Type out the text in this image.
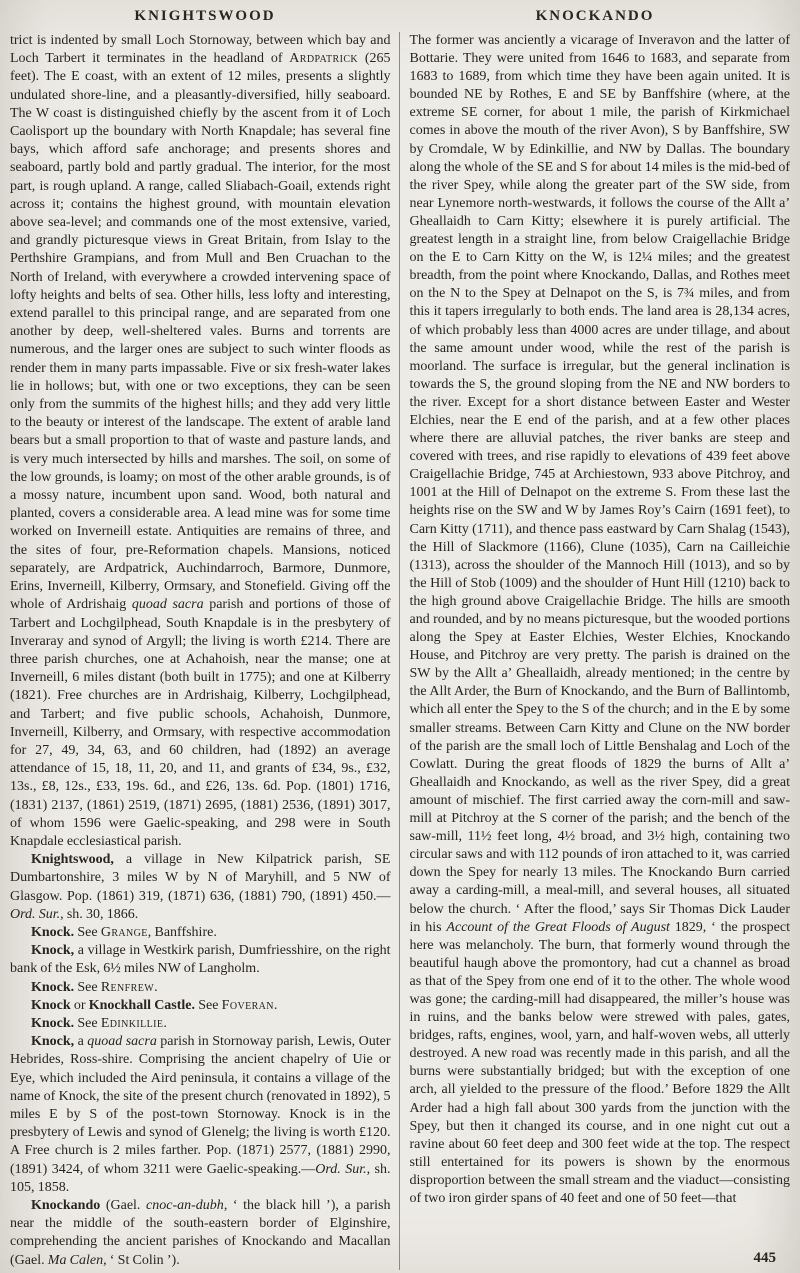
KNIGHTSWOOD	KNOCKANDO

trict is indented by small Loch Stornoway, between which bay and Loch Tarbert it terminates in the headland of Ardpatrick (265 feet). The E coast, with an extent of 12 miles, presents a slightly undulated shore-line, and a pleasantly-diversified, hilly seaboard. The W coast is distinguished chiefly by the ascent from it of Loch Caolisport up the boundary with North Knapdale; has several fine bays, which afford safe anchorage; and presents shores and seaboard, partly bold and partly gradual. The interior, for the most part, is rough upland. A range, called Sliabach-Goail, extends right across it; contains the highest ground, with mountain elevation above sea-level; and commands one of the most extensive, varied, and grandly picturesque views in Great Britain, from Islay to the Perthshire Grampians, and from Mull and Ben Cruachan to the North of Ireland, with everywhere a crowded intervening space of lofty heights and belts of sea. Other hills, less lofty and interesting, extend parallel to this principal range, and are separated from one another by deep, well-sheltered vales. Burns and torrents are numerous, and the larger ones are subject to such winter floods as render them in many parts impassable. Five or six fresh-water lakes lie in hollows; but, with one or two exceptions, they can be seen only from the summits of the highest hills; and they add very little to the beauty or interest of the landscape. The extent of arable land bears but a small proportion to that of waste and pasture lands, and is very much intersected by hills and marshes. The soil, on some of the low grounds, is loamy; on most of the other arable grounds, is of a mossy nature, incumbent upon sand. Wood, both natural and planted, covers a considerable area. A lead mine was for some time worked on Inverneill estate. Antiquities are remains of three, and the sites of four, pre-Reformation chapels. Mansions, noticed separately, are Ardpatrick, Auchindarroch, Barmore, Dunmore, Erins, Inverneill, Kilberry, Ormsary, and Stonefield. Giving off the whole of Ardrishaig quoad sacra parish and portions of those of Tarbert and Lochgilphead, South Knapdale is in the presbytery of Inveraray and synod of Argyll; the living is worth £214. There are three parish churches, one at Achahoish, near the manse; one at Inverneill, 6 miles distant (both built in 1775); and one at Kilberry (1821). Free churches are in Ardrishaig, Kilberry, Lochgilphead, and Tarbert; and five public schools, Achahoish, Dunmore, Inverneill, Kilberry, and Ormsary, with respective accommodation for 27, 49, 34, 63, and 60 children, had (1892) an average attendance of 15, 18, 11, 20, and 11, and grants of £34, 9s., £32, 13s., £8, 12s., £33, 19s. 6d., and £26, 13s. 6d. Pop. (1801) 1716, (1831) 2137, (1861) 2519, (1871) 2695, (1881) 2536, (1891) 3017, of whom 1596 were Gaelic-speaking, and 298 were in South Knapdale ecclesiastical parish.

Knightswood, a village in New Kilpatrick parish, SE Dumbartonshire, 3 miles W by N of Maryhill, and 5 NW of Glasgow. Pop. (1861) 319, (1871) 636, (1881) 790, (1891) 450.—Ord. Sur., sh. 30, 1866.

Knock. See Grange, Banffshire.

Knock, a village in Westkirk parish, Dumfriesshire, on the right bank of the Esk, 6½ miles NW of Langholm.

Knock. See Renfrew.

Knock or Knockhall Castle. See Foveran.

Knock. See Edinkillie.

Knock, a quoad sacra parish in Stornoway parish, Lewis, Outer Hebrides, Ross-shire. Comprising the ancient chapelry of Uie or Eye, which included the Aird peninsula, it contains a village of the name of Knock, the site of the present church (renovated in 1892), 5 miles E by S of the post-town Stornoway. Knock is in the presbytery of Lewis and synod of Glenelg; the living is worth £120. A Free church is 2 miles farther. Pop. (1871) 2577, (1881) 2990, (1891) 3424, of whom 3211 were Gaelic-speaking.—Ord. Sur., sh. 105, 1858.

Knockando (Gael. cnoc-an-dubh, ‘ the black hill ’), a parish near the middle of the south-eastern border of Elginshire, comprehending the ancient parishes of Knockando and Macallan (Gael. Ma Calen, ‘ St Colin ’).

The former was anciently a vicarage of Inveravon and the latter of Bottarie. They were united from 1646 to 1683, and separate from 1683 to 1689, from which time they have been again united. It is bounded NE by Rothes, E and SE by Banffshire (where, at the extreme SE corner, for about 1 mile, the parish of Kirkmichael comes in above the mouth of the river Avon), S by Banffshire, SW by Cromdale, W by Edinkillie, and NW by Dallas. The boundary along the whole of the SE and S for about 14 miles is the mid-bed of the river Spey, while along the greater part of the SW side, from near Lynemore north-westwards, it follows the course of the Allt a’ Gheallaidh to Carn Kitty; elsewhere it is purely artificial. The greatest length in a straight line, from below Craigellachie Bridge on the E to Carn Kitty on the W, is 12¼ miles; and the greatest breadth, from the point where Knockando, Dallas, and Rothes meet on the N to the Spey at Delnapot on the S, is 7¾ miles, and from this it tapers irregularly to both ends. The land area is 28,134 acres, of which probably less than 4000 acres are under tillage, and about the same amount under wood, while the rest of the parish is moorland. The surface is irregular, but the general inclination is towards the S, the ground sloping from the NE and NW borders to the river. Except for a short distance between Easter and Wester Elchies, near the E end of the parish, and at a few other places where there are alluvial patches, the river banks are steep and covered with trees, and rise rapidly to elevations of 439 feet above Craigellachie Bridge, 745 at Archiestown, 933 above Pitchroy, and 1001 at the Hill of Delnapot on the extreme S. From these last the heights rise on the SW and W by James Roy’s Cairn (1691 feet), to Carn Kitty (1711), and thence pass eastward by Carn Shalag (1543), the Hill of Slackmore (1166), Clune (1035), Carn na Cailleichie (1313), across the shoulder of the Mannoch Hill (1013), and so by the Hill of Stob (1009) and the shoulder of Hunt Hill (1210) back to the high ground above Craigellachie Bridge. The hills are smooth and rounded, and by no means picturesque, but the wooded portions along the Spey at Easter Elchies, Wester Elchies, Knockando House, and Pitchroy are very pretty. The parish is drained on the SW by the Allt a’ Gheallaidh, already mentioned; in the centre by the Allt Arder, the Burn of Knockando, and the Burn of Ballintomb, which all enter the Spey to the S of the church; and in the E by some smaller streams. Between Carn Kitty and Clune on the NW border of the parish are the small loch of Little Benshalag and Loch of the Cowlatt. During the great floods of 1829 the burns of Allt a’ Gheallaidh and Knockando, as well as the river Spey, did a great amount of mischief. The first carried away the corn-mill and saw-mill at Pitchroy at the S corner of the parish; and the bench of the saw-mill, 11½ feet long, 4½ broad, and 3½ high, containing two circular saws and with 112 pounds of iron attached to it, was carried down the Spey for nearly 13 miles. The Knockando Burn carried away a carding-mill, a meal-mill, and several houses, all situated below the church. ‘ After the flood,’ says Sir Thomas Dick Lauder in his Account of the Great Floods of August 1829, ‘ the prospect here was melancholy. The burn, that formerly wound through the beautiful haugh above the promontory, had cut a channel as broad as that of the Spey from one end of it to the other. The whole wood was gone; the carding-mill had disappeared, the miller’s house was in ruins, and the banks below were strewed with pales, gates, bridges, rafts, engines, wool, yarn, and half-woven webs, all utterly destroyed. A new road was recently made in this parish, and all the burns were substantially bridged; but with the exception of one arch, all yielded to the pressure of the flood.’ Before 1829 the Allt Arder had a high fall about 300 yards from the junction with the Spey, but then it changed its course, and in one night cut out a ravine about 60 feet deep and 300 feet wide at the top. The respect still entertained for its powers is shown by the enormous disproportion between the small stream and the viaduct—consisting of two iron girder spans of 40 feet and one of 50 feet—that

445
